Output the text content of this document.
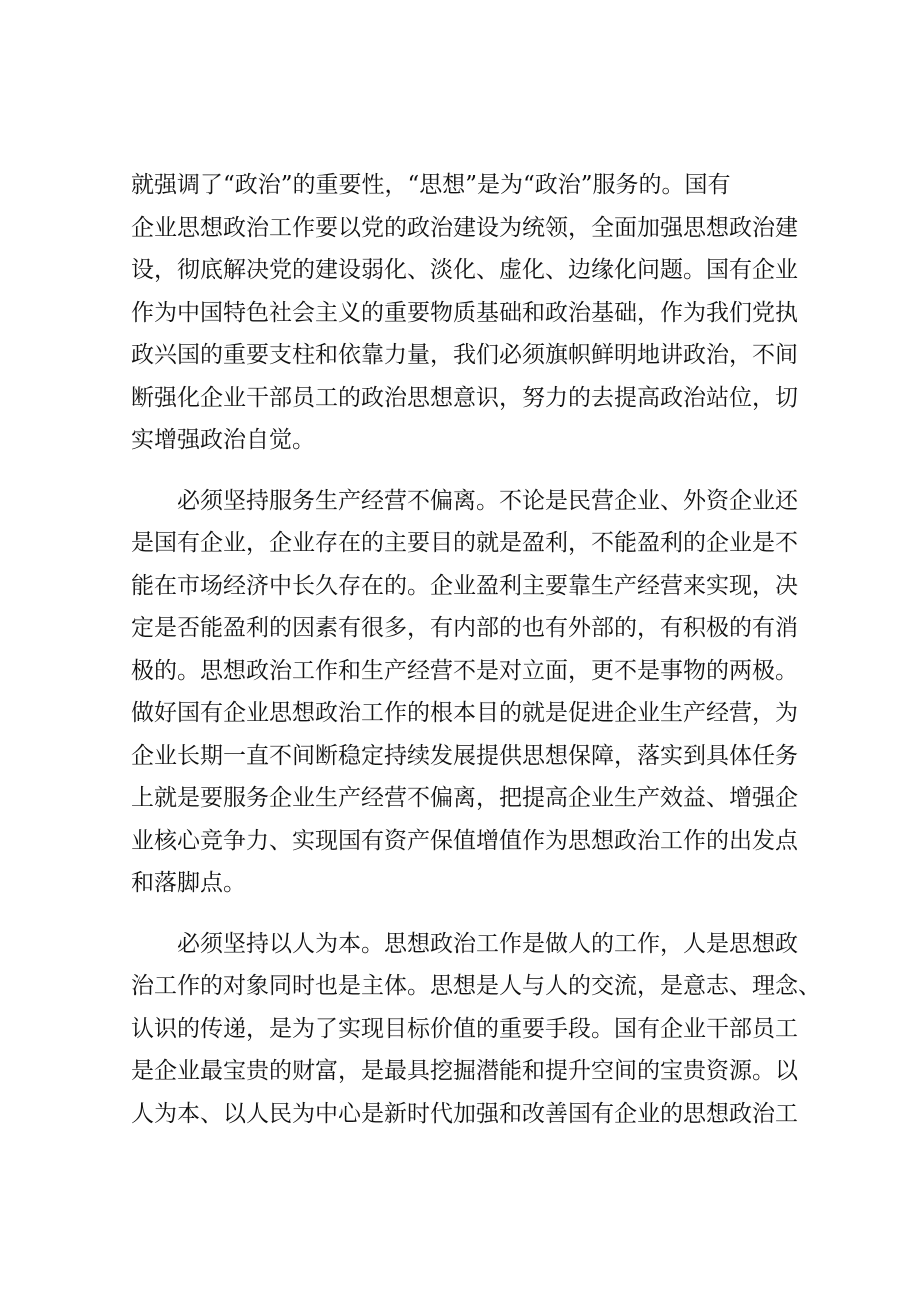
就强调了“政治”的重要性，“思想”是为“政治”服务的。国有
企业思想政治工作要以党的政治建设为统领，全面加强思想政治建
设，彻底解决党的建设弱化、淡化、虚化、边缘化问题。国有企业
作为中国特色社会主义的重要物质基础和政治基础，作为我们党执
政兴国的重要支柱和依靠力量，我们必须旗帜鲜明地讲政治，不间
断强化企业干部员工的政治思想意识，努力的去提高政治站位，切
实增强政治自觉。

　　必须坚持服务生产经营不偏离。不论是民营企业、外资企业还
是国有企业，企业存在的主要目的就是盈利，不能盈利的企业是不
能在市场经济中长久存在的。企业盈利主要靠生产经营来实现，决
定是否能盈利的因素有很多，有内部的也有外部的，有积极的有消
极的。思想政治工作和生产经营不是对立面，更不是事物的两极。
做好国有企业思想政治工作的根本目的就是促进企业生产经营，为
企业长期一直不间断稳定持续发展提供思想保障，落实到具体任务
上就是要服务企业生产经营不偏离，把提高企业生产效益、增强企
业核心竞争力、实现国有资产保值增值作为思想政治工作的出发点
和落脚点。

　　必须坚持以人为本。思想政治工作是做人的工作，人是思想政
治工作的对象同时也是主体。思想是人与人的交流，是意志、理念、
认识的传递，是为了实现目标价值的重要手段。国有企业干部员工
是企业最宝贵的财富，是最具挖掘潜能和提升空间的宝贵资源。以
人为本、以人民为中心是新时代加强和改善国有企业的思想政治工
